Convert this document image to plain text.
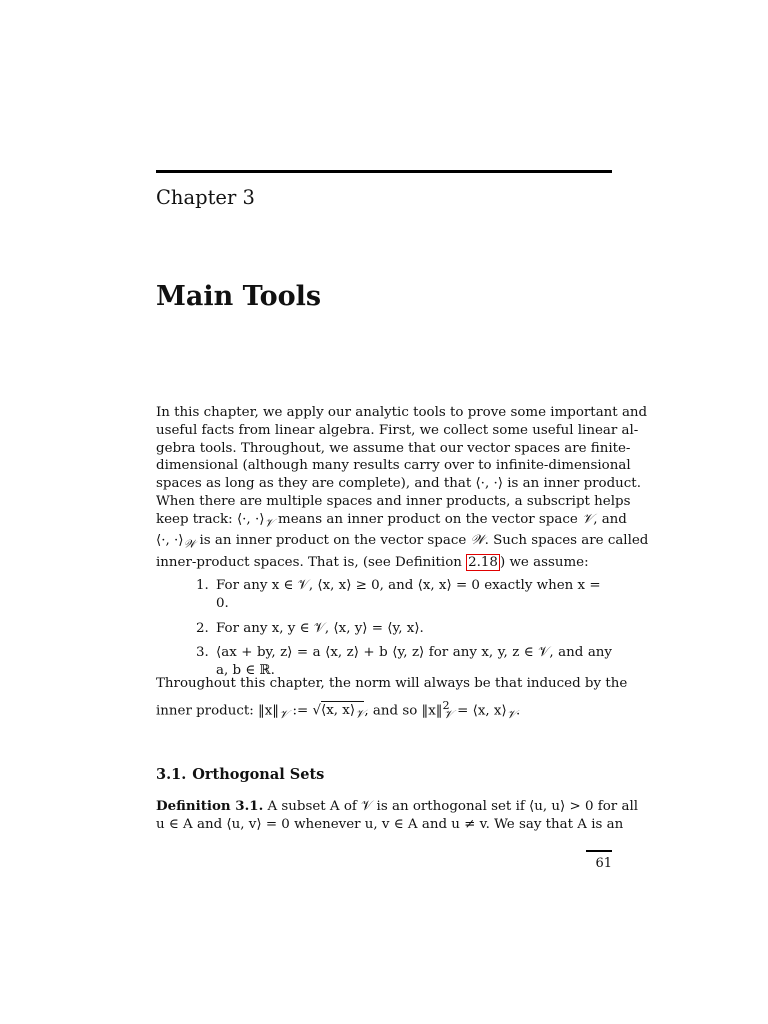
Chapter 3
Main Tools
In this chapter, we apply our analytic tools to prove some important and
useful facts from linear algebra. First, we collect some useful linear al-
gebra tools. Throughout, we assume that our vector spaces are finite-
dimensional (although many results carry over to infinite-dimensional
spaces as long as they are complete), and that ⟨·, ·⟩ is an inner product.
When there are multiple spaces and inner products, a subscript helps
keep track: ⟨·, $\cdot⟩_𝒱$ means an inner product on the vector space 𝒱, and
⟨·, $\cdot⟩_𝒲$ is an inner product on the vector space 𝒲. Such spaces are called
inner-product spaces. That is, (see Definition 2.18 ) we assume:
1. For any x ∈ 𝒱, ⟨x, x⟩ ≥ 0, and ⟨x, x⟩ = 0 exactly when x = 0.
2. For any x, y ∈ 𝒱, ⟨x, y⟩ = ⟨y, x⟩.
3. ⟨ax + by, z⟩ = a ⟨x, z⟩ + b ⟨y, z⟩ for any x, y, z ∈ 𝒱, and any
a, b ∈ ℝ.
Throughout this chapter, the norm will always be that induced by the
inner product: $‖x‖_𝒱$ := √⟨x, $x⟩_𝒱$, and so ‖x‖$^2_𝒱$ = ⟨x, $x⟩_𝒱$.
3.1. Orthogonal Sets
Definition 3.1. A subset A of 𝒱 is an orthogonal set if ⟨u, u⟩ > 0 for all
u ∈ A and ⟨u, v⟩ = 0 whenever u, v ∈ A and u ≠ v. We say that A is an
61
